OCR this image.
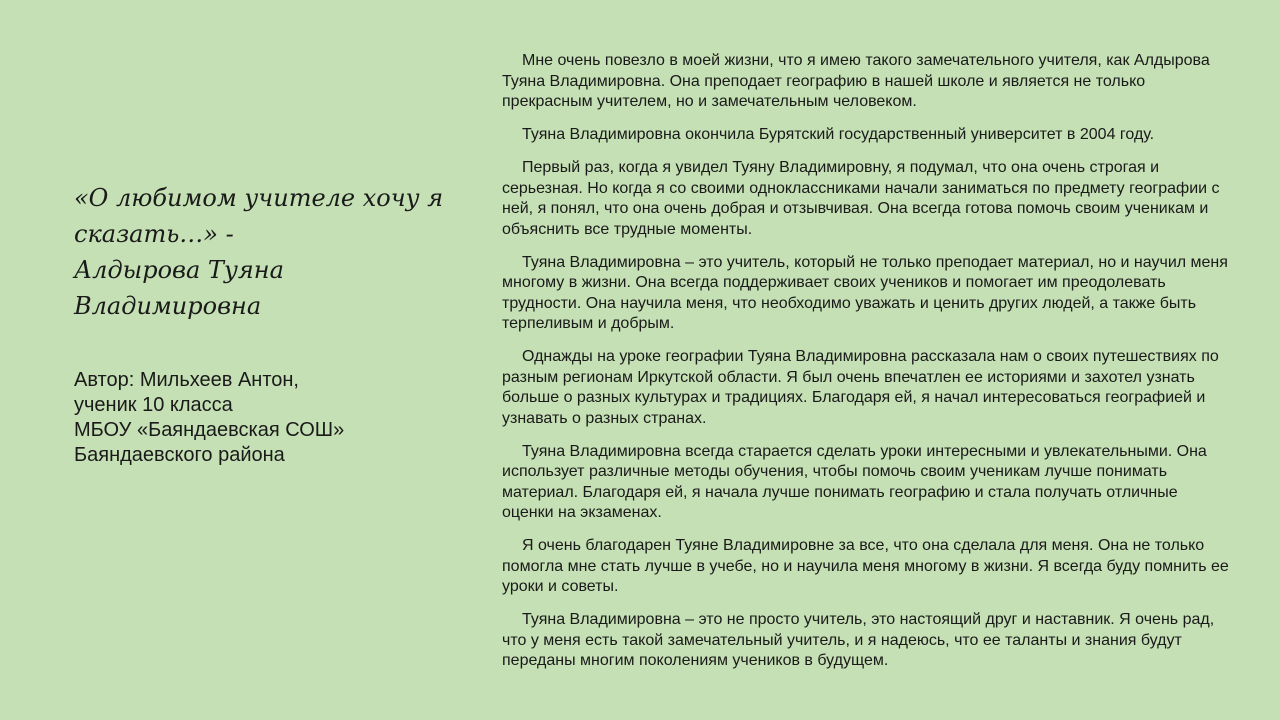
«О любимом учителе хочу я
сказать…» -
Алдырова Туяна
Владимировна
Автор: Мильхеев Антон,
ученик 10 класса
МБОУ «Баяндаевская СОШ»
Баяндаевского района

Мне очень повезло в моей жизни, что я имею такого замечательного учителя, как Алдырова Туяна Владимировна. Она преподает географию в нашей школе и является не только прекрасным учителем, но и замечательным человеком.

Туяна Владимировна окончила Бурятский государственный университет в 2004 году.

Первый раз, когда я увидел Туяну Владимировну, я подумал, что она очень строгая и серьезная. Но когда я со своими одноклассниками начали заниматься по предмету географии с ней, я понял, что она очень добрая и отзывчивая. Она всегда готова помочь своим ученикам и объяснить все трудные моменты.

Туяна Владимировна – это учитель, который не только преподает материал, но и научил меня многому в жизни. Она всегда поддерживает своих учеников и помогает им преодолевать трудности. Она научила меня, что необходимо уважать и ценить других людей, а также быть терпеливым и добрым.

Однажды на уроке географии Туяна Владимировна рассказала нам о своих путешествиях по разным регионам Иркутской области. Я был очень впечатлен ее историями и захотел узнать больше о разных культурах и традициях. Благодаря ей, я начал интересоваться географией и узнавать о разных странах.

Туяна Владимировна всегда старается сделать уроки интересными и увлекательными. Она использует различные методы обучения, чтобы помочь своим ученикам лучше понимать материал. Благодаря ей, я начала лучше понимать географию и стала получать отличные оценки на экзаменах.

Я очень благодарен Туяне Владимировне за все, что она сделала для меня. Она не только помогла мне стать лучше в учебе, но и научила меня многому в жизни. Я всегда буду помнить ее уроки и советы.

Туяна Владимировна – это не просто учитель, это настоящий друг и наставник. Я очень рад, что у меня есть такой замечательный учитель, и я надеюсь, что ее таланты и знания будут переданы многим поколениям учеников в будущем.
